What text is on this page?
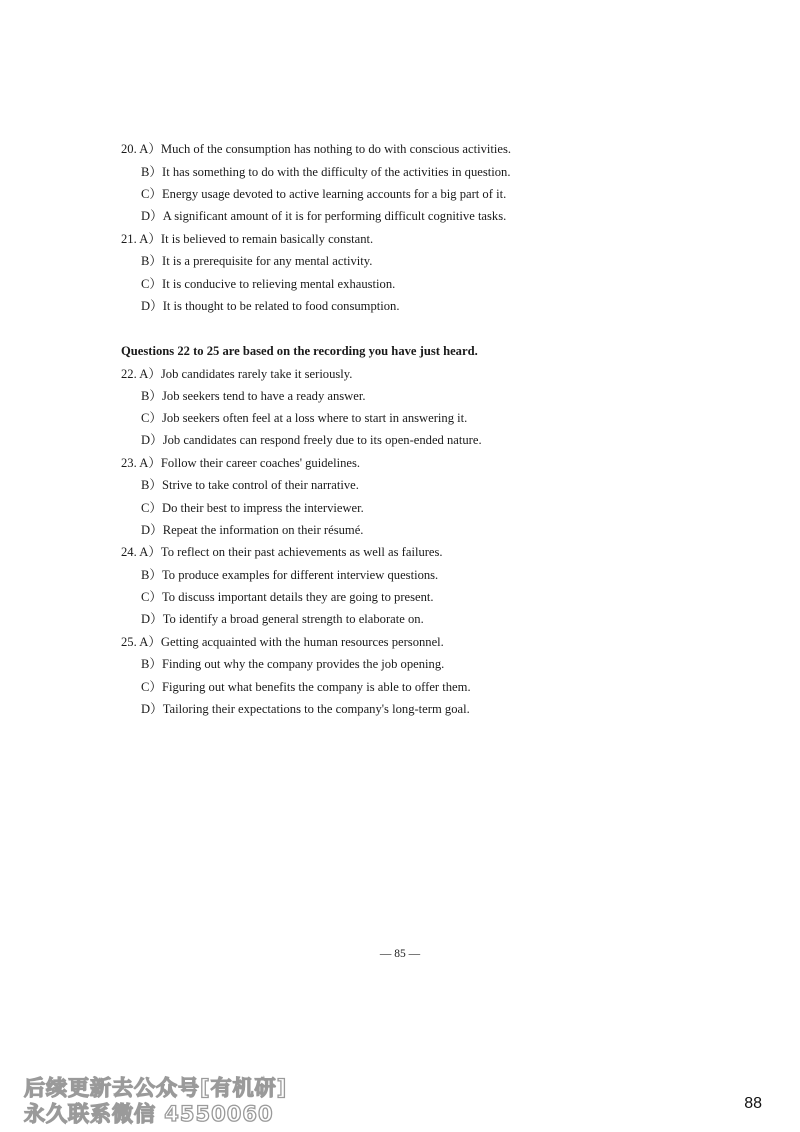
20. A）Much of the consumption has nothing to do with conscious activities.
B）It has something to do with the difficulty of the activities in question.
C）Energy usage devoted to active learning accounts for a big part of it.
D）A significant amount of it is for performing difficult cognitive tasks.
21. A）It is believed to remain basically constant.
B）It is a prerequisite for any mental activity.
C）It is conducive to relieving mental exhaustion.
D）It is thought to be related to food consumption.
Questions 22 to 25 are based on the recording you have just heard.
22. A）Job candidates rarely take it seriously.
B）Job seekers tend to have a ready answer.
C）Job seekers often feel at a loss where to start in answering it.
D）Job candidates can respond freely due to its open-ended nature.
23. A）Follow their career coaches' guidelines.
B）Strive to take control of their narrative.
C）Do their best to impress the interviewer.
D）Repeat the information on their résumé.
24. A）To reflect on their past achievements as well as failures.
B）To produce examples for different interview questions.
C）To discuss important details they are going to present.
D）To identify a broad general strength to elaborate on.
25. A）Getting acquainted with the human resources personnel.
B）Finding out why the company provides the job opening.
C）Figuring out what benefits the company is able to offer them.
D）Tailoring their expectations to the company's long-term goal.
— 85 —
后续更新去公众号[有机研]
永久联系微信 4550060	88
